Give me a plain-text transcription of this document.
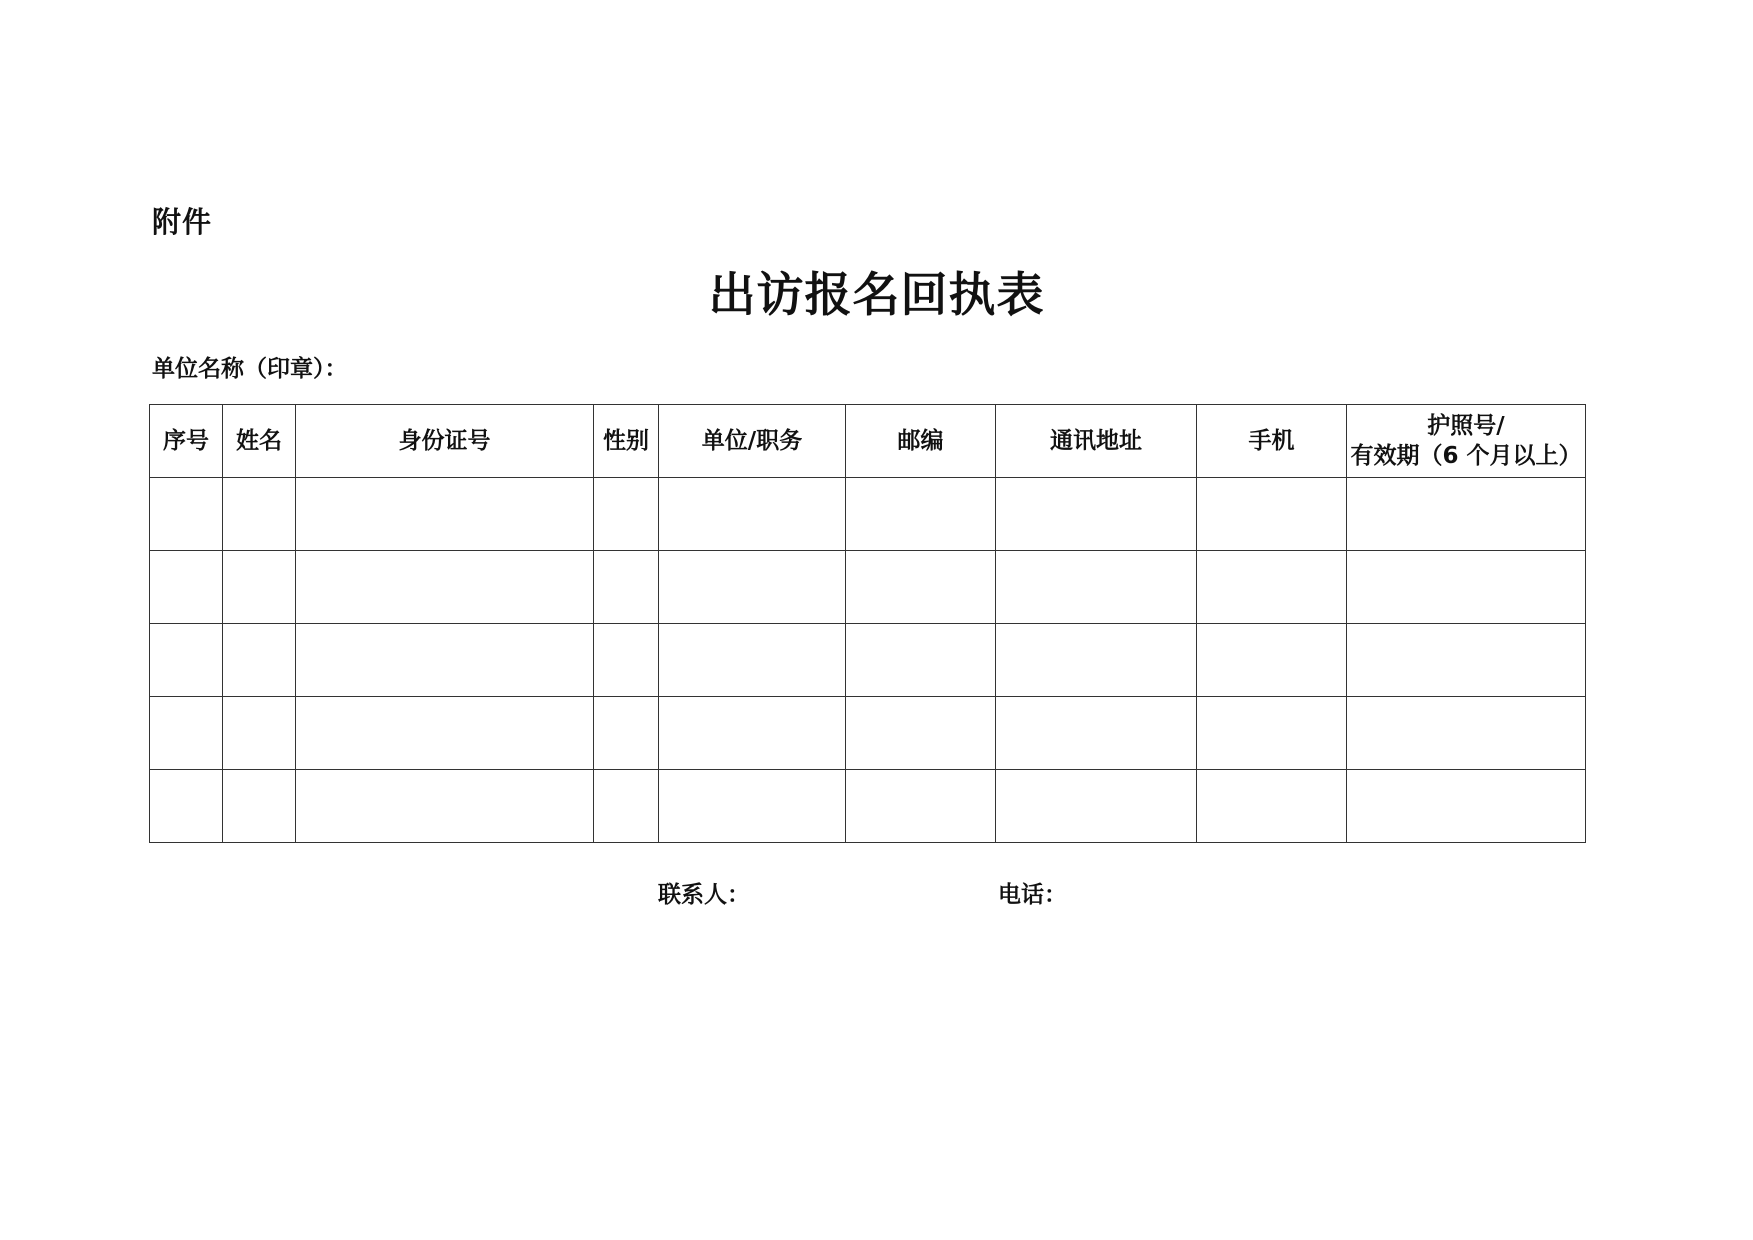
附件
出访报名回执表
单位名称（印章）：
序号	姓名	身份证号	性别	单位/职务	邮编	通讯地址	手机	护照号/
有效期（6 个月以上）

联系人：	电话：
